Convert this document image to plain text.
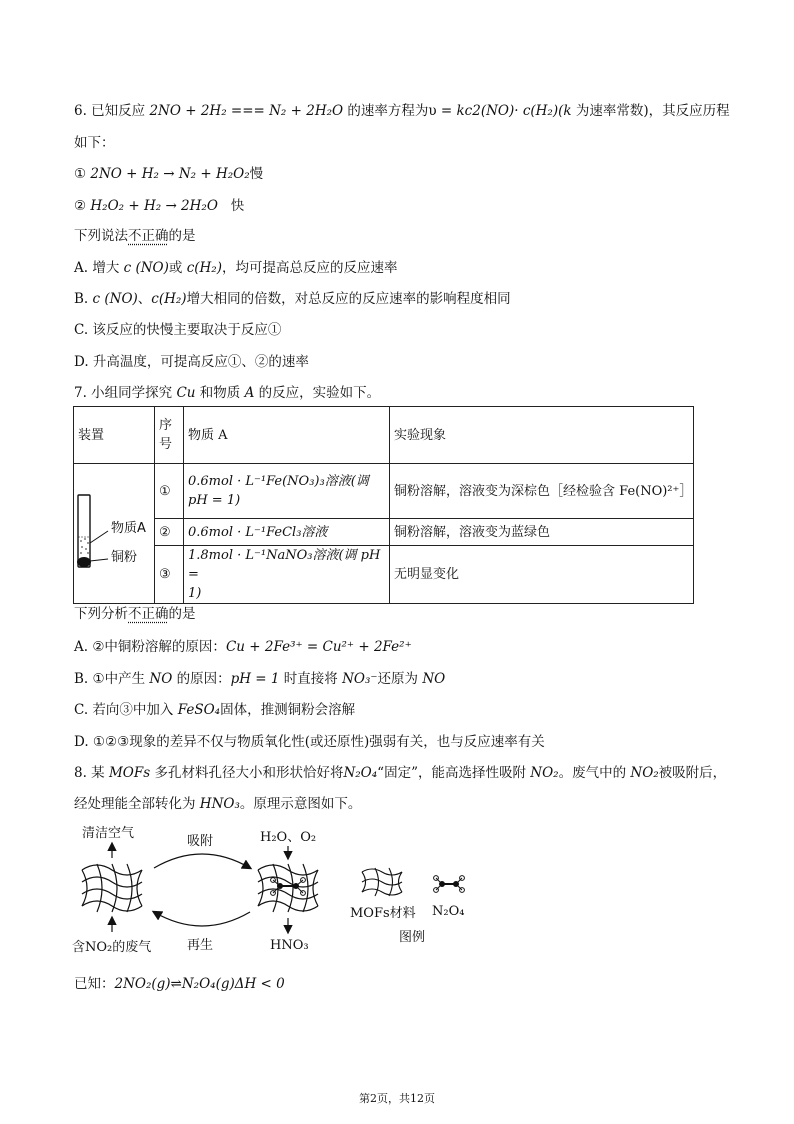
6. 已知反应 2NO + 2H₂ === N₂ + 2H₂O 的速率方程为υ = kc2(NO)· c(H₂)(k 为速率常数)，其反应历程
如下：
① 2NO + H₂ → N₂ + H₂O₂慢
② H₂O₂ + H₂ → 2H₂O 快
下列说法不正确的是
A. 增大 c (NO)或 c(H₂)，均可提高总反应的反应速率
B. c (NO)、c(H₂)增大相同的倍数，对总反应的反应速率的影响程度相同
C. 该反应的快慢主要取决于反应①
D. 升高温度，可提高反应①、②的速率
7. 小组同学探究 Cu 和物质 A 的反应，实验如下。
装置	序号	物质 A	实验现象

物质A
铜粉	①	0.6mol · L⁻¹Fe(NO₃)₃溶液(调
pH = 1)	铜粉溶解，溶液变为深棕色［经检验含 Fe(NO)²⁺］
	②	0.6mol · L⁻¹FeCl₃溶液	铜粉溶解，溶液变为蓝绿色
	③	1.8mol · L⁻¹NaNO₃溶液(调 pH =
1)	无明显变化
下列分析不正确的是
A. ②中铜粉溶解的原因：Cu + 2Fe³⁺ = Cu²⁺ + 2Fe²⁺
B. ①中产生 NO 的原因：pH = 1 时直接将 NO₃⁻还原为 NO
C. 若向③中加入 FeSO₄固体，推测铜粉会溶解
D. ①②③现象的差异不仅与物质氧化性(或还原性)强弱有关，也与反应速率有关
8. 某 MOFs 多孔材料孔径大小和形状恰好将N₂O₄“固定”，能高选择性吸附 NO₂。废气中的 NO₂被吸附后，
经处理能全部转化为 HNO₃。原理示意图如下。
清洁空气
吸附	H₂O、O₂
含NO₂的废气	再生	HNO₃
MOFs材料 N₂O₄
图例
已知：2NO₂(g)⇌N₂O₄(g)ΔH < 0
第2页，共12页
